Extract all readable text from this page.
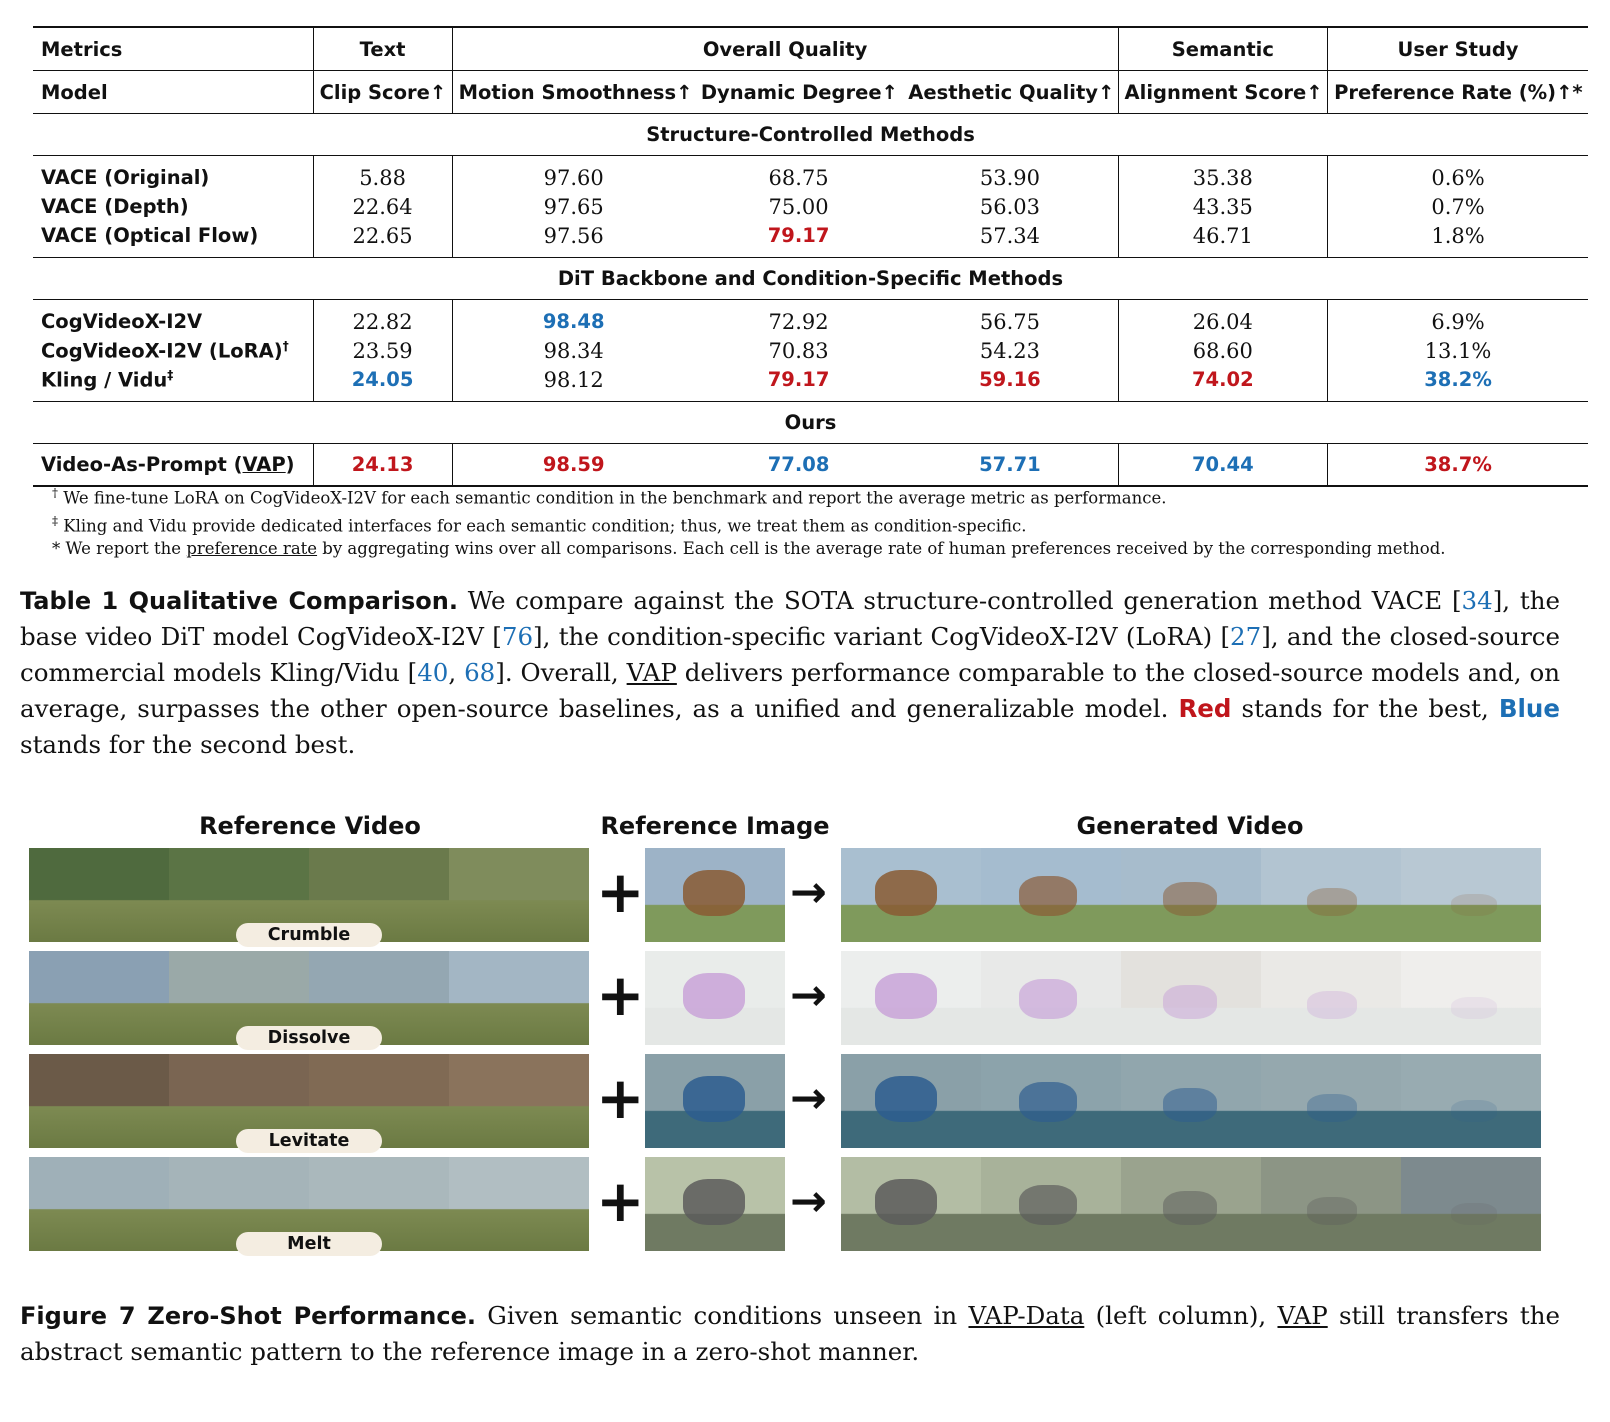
Metrics	Text	Overall Quality			Semantic	User Study
Model	Clip Score↑	Motion Smoothness↑	Dynamic Degree↑	Aesthetic Quality↑	Alignment Score↑	Preference Rate (%)↑*
Structure-Controlled Methods						
VACE (Original)	5.88	97.60	68.75	53.90	35.38	0.6%
VACE (Depth)	22.64	97.65	75.00	56.03	43.35	0.7%
VACE (Optical Flow)	22.65	97.56	79.17	57.34	46.71	1.8%
DiT Backbone and Condition-Specific Methods						
CogVideoX-I2V	22.82	98.48	72.92	56.75	26.04	6.9%
CogVideoX-I2V (LoRA)†	23.59	98.34	70.83	54.23	68.60	13.1%
Kling / Vidu‡	24.05	98.12	79.17	59.16	74.02	38.2%
Ours						
Video-As-Prompt (VAP)	24.13	98.59	77.08	57.71	70.44	38.7%
† We fine-tune LoRA on CogVideoX-I2V for each semantic condition in the benchmark and report the average metric as performance.
‡ Kling and Vidu provide dedicated interfaces for each semantic condition; thus, we treat them as condition-specific.
* We report the preference rate by aggregating wins over all comparisons. Each cell is the average rate of human preferences received by the corresponding method.
Table 1 Qualitative Comparison. We compare against the SOTA structure-controlled generation method VACE [34], the base video DiT model CogVideoX-I2V [76], the condition-specific variant CogVideoX-I2V (LoRA) [27], and the closed-source commercial models Kling/Vidu [40, 68]. Overall, VAP delivers performance comparable to the closed-source models and, on average, surpasses the other open-source baselines, as a unified and generalizable model. Red stands for the best, Blue stands for the second best.
Reference Video	Reference Image	Generated Video
Crumble
+	→
Dissolve
+	→
Levitate
+	→
Melt
+	→
Figure 7 Zero-Shot Performance. Given semantic conditions unseen in VAP-Data (left column), VAP still transfers the abstract semantic pattern to the reference image in a zero-shot manner.
